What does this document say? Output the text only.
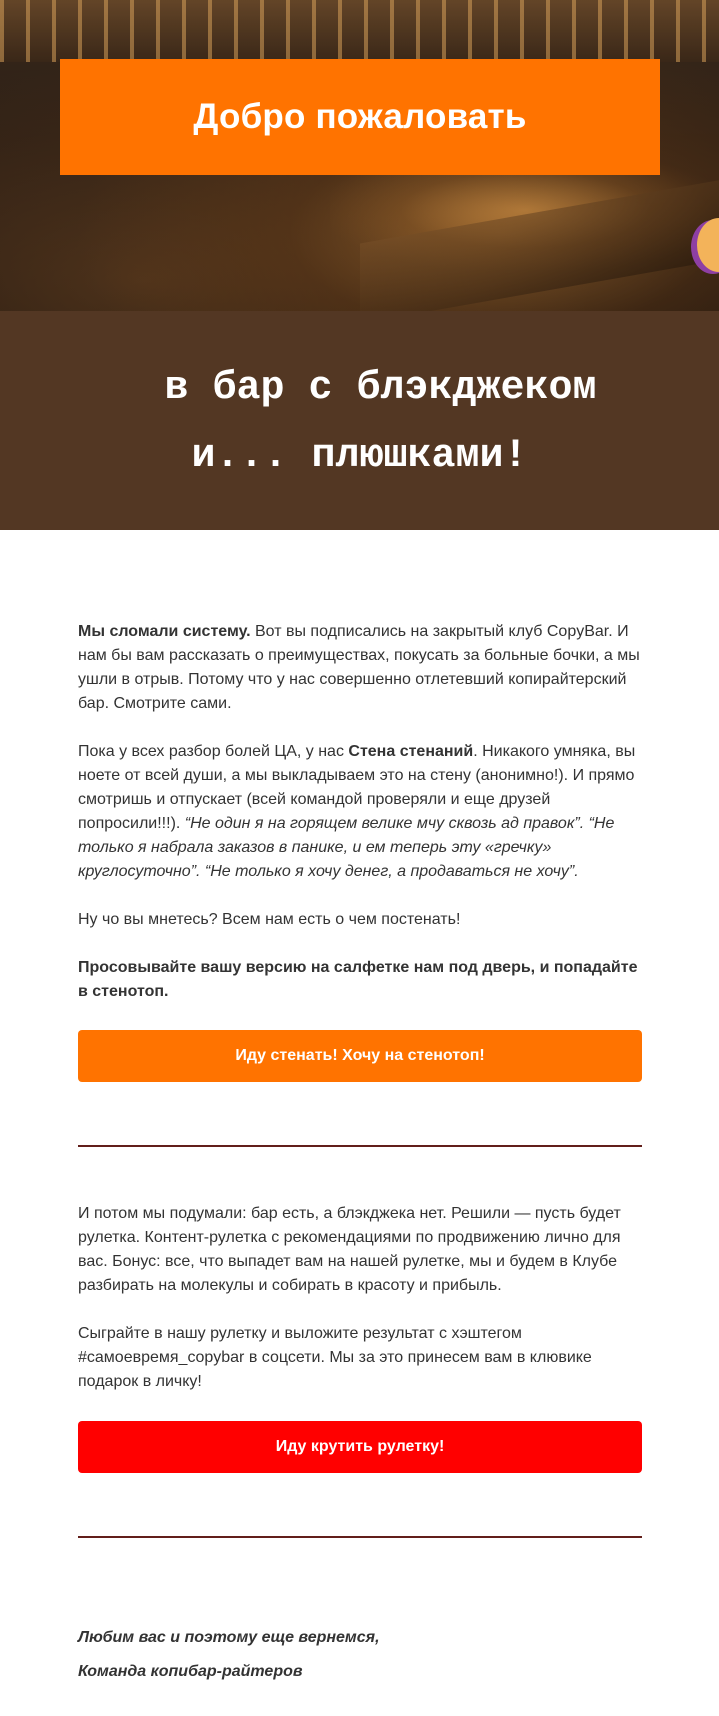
Добро пожаловать
в бар с блэкджеком
и... плюшками!

Мы сломали систему. Вот вы подписались на закрытый клуб CopyBar. И нам бы вам рассказать о преимуществах, покусать за больные бочки, а мы ушли в отрыв. Потому что у нас совершенно отлетевший копирайтерский бар. Смотрите сами.

Пока у всех разбор болей ЦА, у нас Стена стенаний. Никакого умняка, вы ноете от всей души, а мы выкладываем это на стену (анонимно!). И прямо смотришь и отпускает (всей командой проверяли и еще друзей попросили!!!). “Не один я на горящем велике мчу сквозь ад правок”. “Не только я набрала заказов в панике, и ем теперь эту «гречку» круглосуточно”. “Не только я хочу денег, а продаваться не хочу”.

Ну чо вы мнетесь? Всем нам есть о чем постенать!

Просовывайте вашу версию на салфетке нам под дверь, и попадайте в стенотоп.

Иду стенать! Хочу на стенотоп!

И потом мы подумали: бар есть, а блэкджека нет. Решили — пусть будет рулетка. Контент-рулетка с рекомендациями по продвижению лично для вас. Бонус: все, что выпадет вам на нашей рулетке, мы и будем в Клубе разбирать на молекулы и собирать в красоту и прибыль.

Сыграйте в нашу рулетку и выложите результат с хэштегом #самоевремя_copybar в соцсети. Мы за это принесем вам в клювике подарок в личку!

Иду крутить рулетку!

Любим вас и поэтому еще вернемся,

Команда копибар-райтеров
